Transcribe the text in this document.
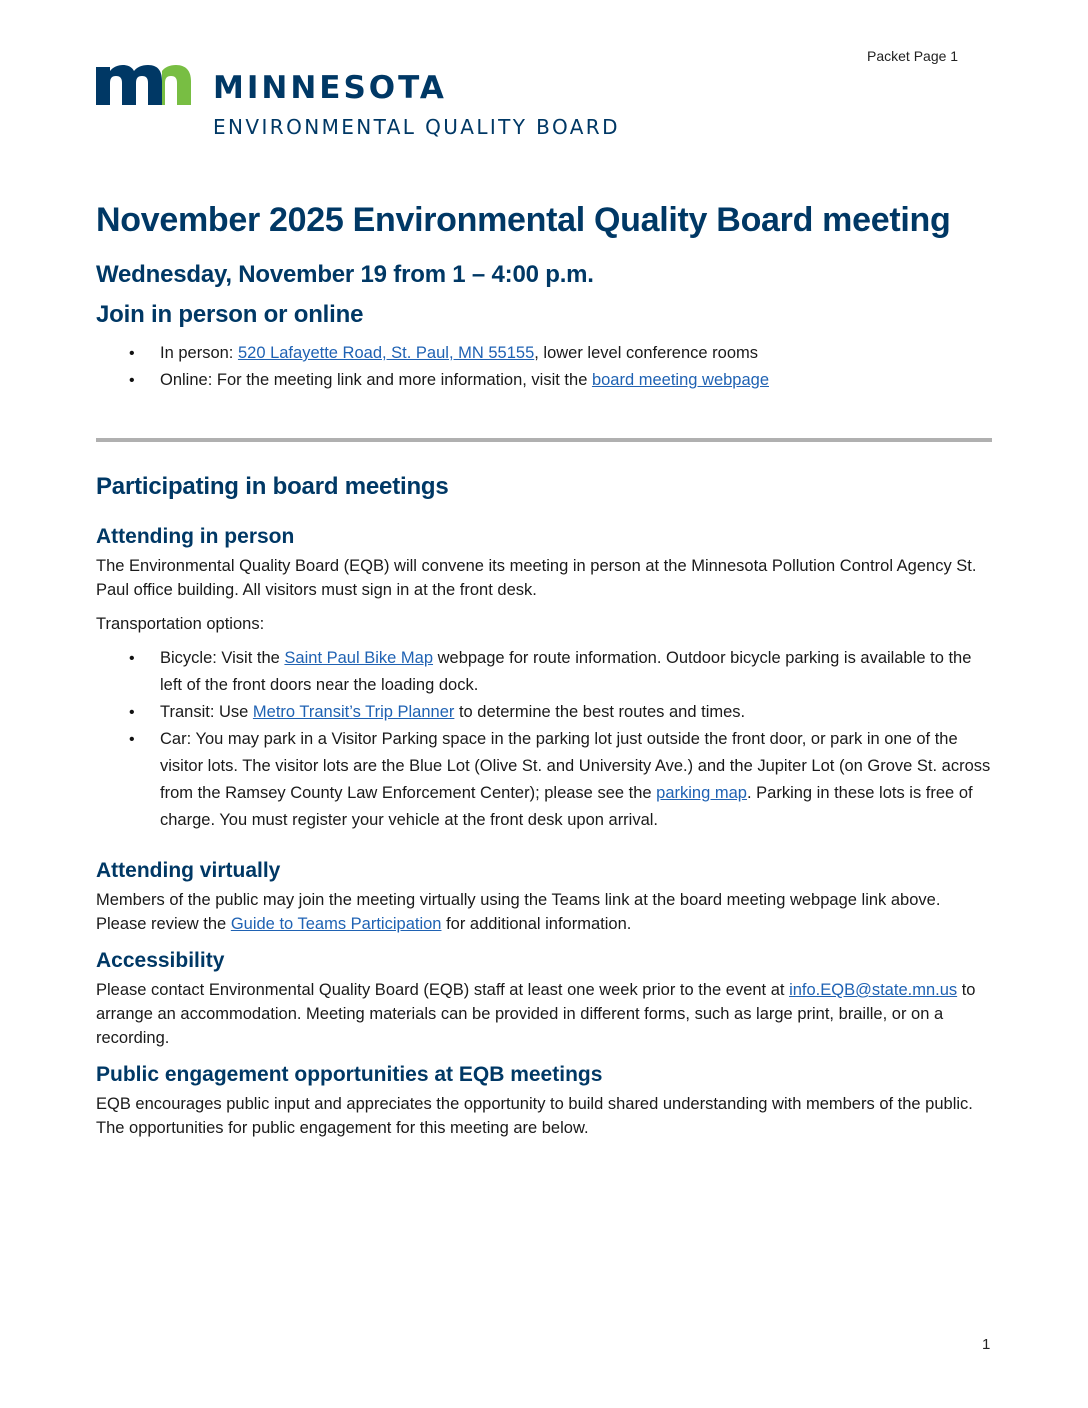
Packet Page 1
MINNESOTA
ENVIRONMENTAL QUALITY BOARD
November 2025 Environmental Quality Board meeting
Wednesday, November 19 from 1 – 4:00 p.m.
Join in person or online
• In person: 520 Lafayette Road, St. Paul, MN 55155, lower level conference rooms
• Online: For the meeting link and more information, visit the board meeting webpage
Participating in board meetings
Attending in person

The Environmental Quality Board (EQB) will convene its meeting in person at the Minnesota Pollution Control Agency St. Paul office building. All visitors must sign in at the front desk.

Transportation options:

• Bicycle: Visit the Saint Paul Bike Map webpage for route information. Outdoor bicycle parking is available to the left of the front doors near the loading dock.
• Transit: Use Metro Transit’s Trip Planner to determine the best routes and times.
• Car: You may park in a Visitor Parking space in the parking lot just outside the front door, or park in one of the visitor lots. The visitor lots are the Blue Lot (Olive St. and University Ave.) and the Jupiter Lot (on Grove St. across from the Ramsey County Law Enforcement Center); please see the parking map. Parking in these lots is free of charge. You must register your vehicle at the front desk upon arrival.
Attending virtually

Members of the public may join the meeting virtually using the Teams link at the board meeting webpage link above. Please review the Guide to Teams Participation for additional information.

Accessibility

Please contact Environmental Quality Board (EQB) staff at least one week prior to the event at info.EQB@state.mn.us to arrange an accommodation. Meeting materials can be provided in different forms, such as large print, braille, or on a recording.

Public engagement opportunities at EQB meetings

EQB encourages public input and appreciates the opportunity to build shared understanding with members of the public. The opportunities for public engagement for this meeting are below.

1
